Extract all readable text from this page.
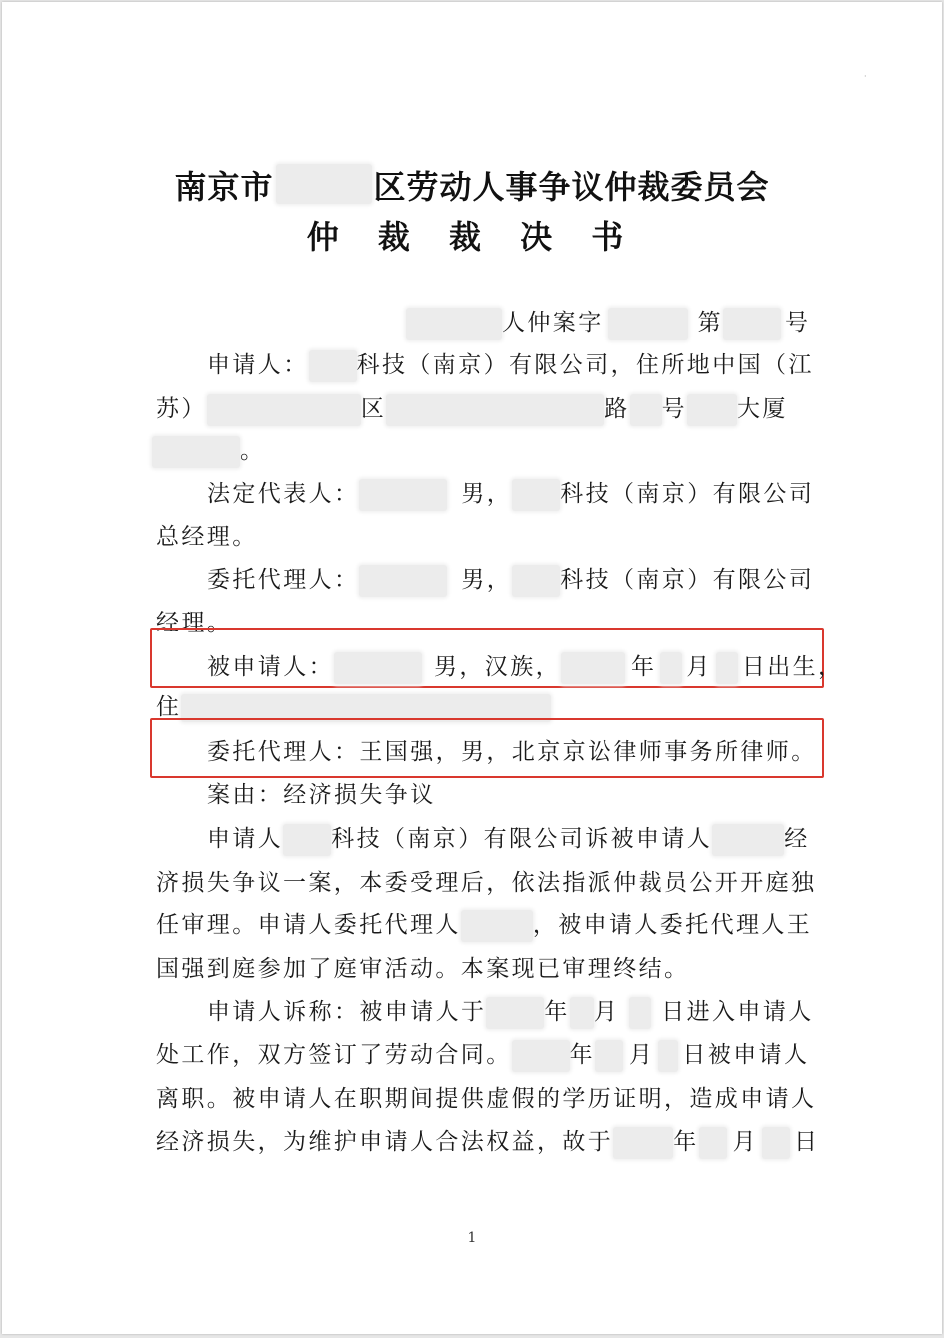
·
南京市	区劳动人事争议仲裁委员会
仲 裁 裁 决 书
人仲案字	第	号
申请人： 科技（南京）有限公司，住所地中国（江
苏）	区	路 号 大厦
。
法定代表人：	男， 科技（南京）有限公司
总经理。
委托代理人：	男， 科技（南京）有限公司
经理。
被申请人：	男，汉族，	年 月 日出生，
住
委托代理人：王国强，男，北京京讼律师事务所律师。
案由：经济损失争议
申请人 科技（南京）有限公司诉被申请人	经
济损失争议一案，本委受理后，依法指派仲裁员公开开庭独
任审理。申请人委托代理人	，被申请人委托代理人王
国强到庭参加了庭审活动。本案现已审理终结。
申请人诉称：被申请人于	年 月 日进入申请人
处工作，双方签订了劳动合同。	年 月 日被申请人
离职。被申请人在职期间提供虚假的学历证明，造成申请人
经济损失，为维护申请人合法权益，故于	年 月 日
1
